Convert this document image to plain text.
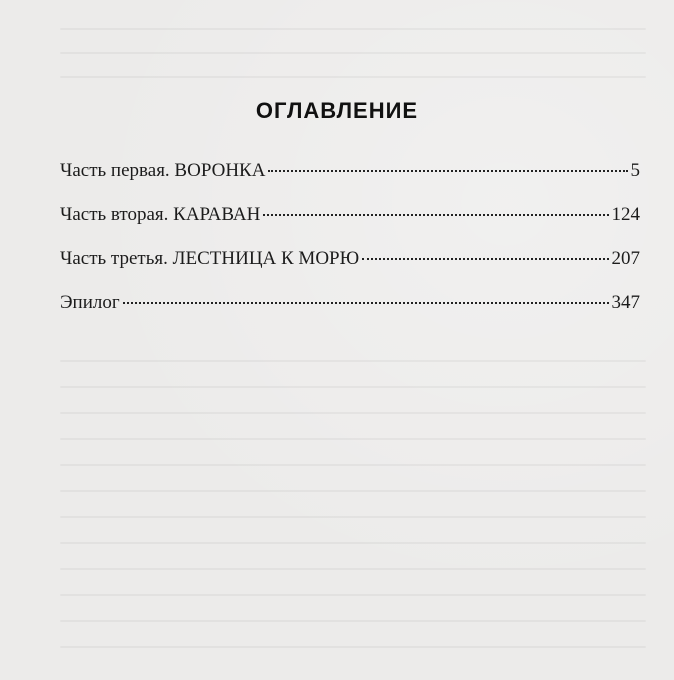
ОГЛАВЛЕНИЕ
Часть первая. ВОРОНКА	5
Часть вторая. КАРАВАН	124
Часть третья. ЛЕСТНИЦА К МОРЮ	207
Эпилог	347
